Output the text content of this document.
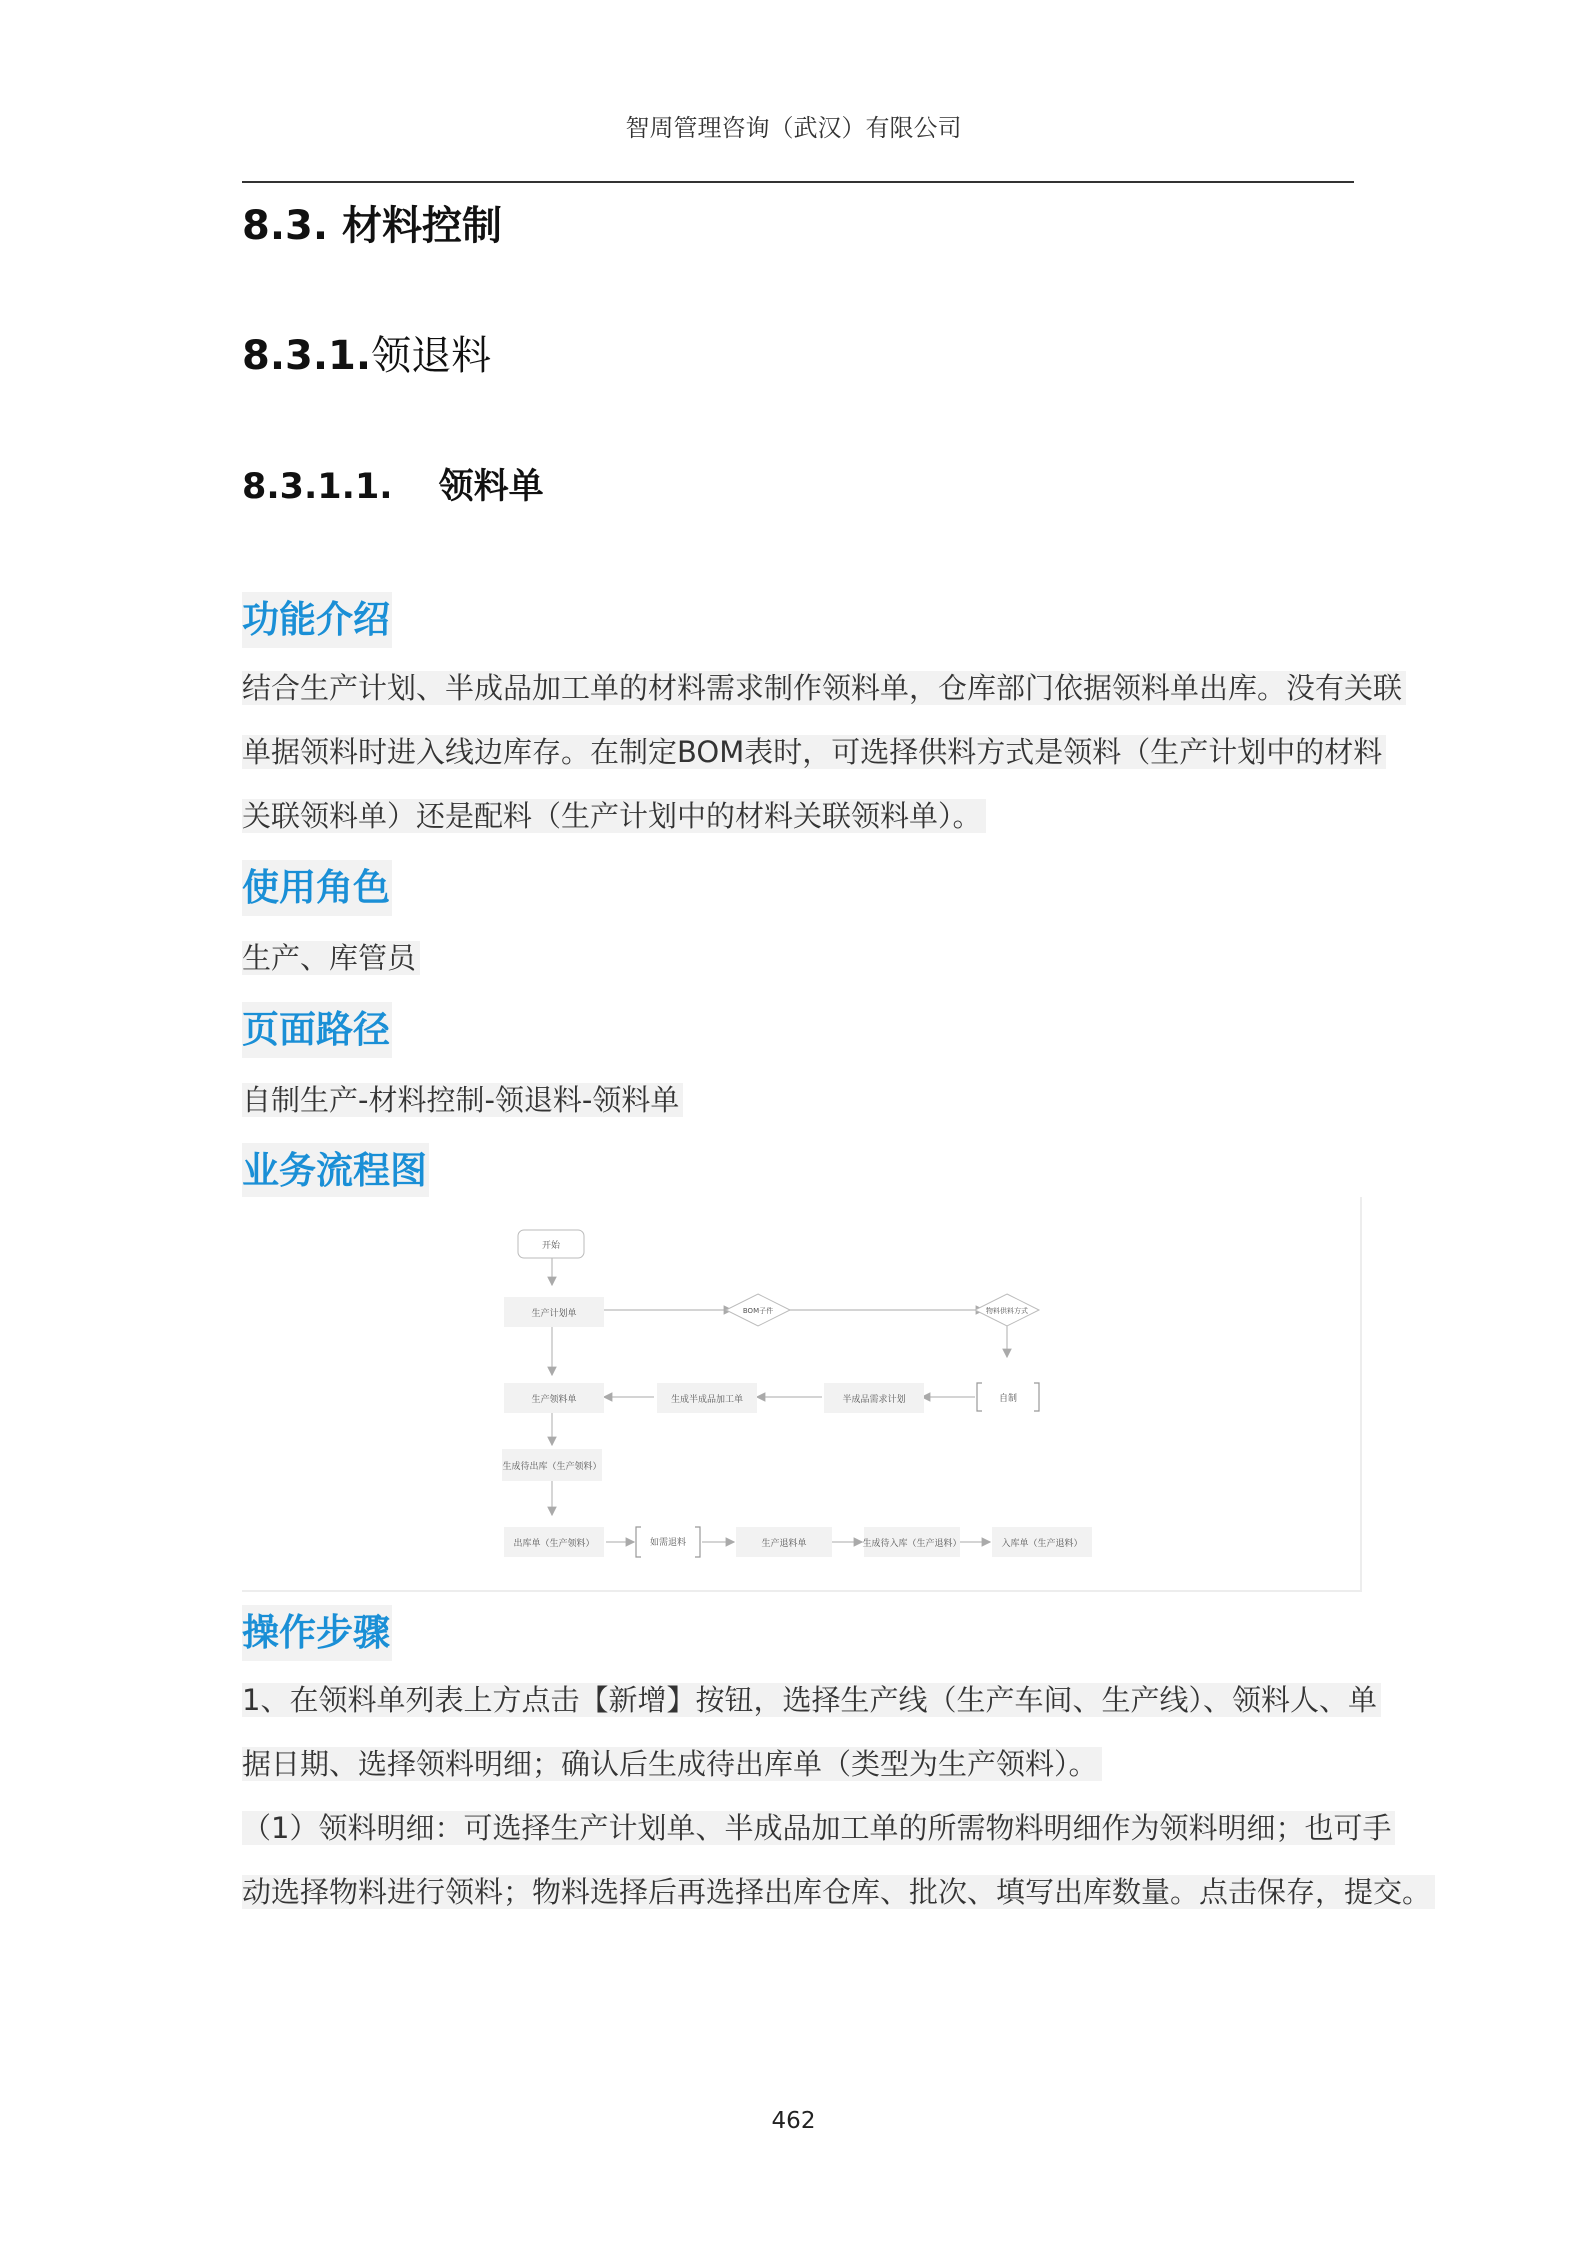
智周管理咨询（武汉）有限公司
8.3. 材料控制
8.3.1.领退料
8.3.1.1. 领料单
功能介绍
结合生产计划、半成品加工单的材料需求制作领料单，仓库部门依据领料单出库。没有关联
单据领料时进入线边库存。在制定BOM表时，可选择供料方式是领料（生产计划中的材料
关联领料单）还是配料（生产计划中的材料关联领料单）。
使用角色
生产、库管员
页面路径
自制生产-材料控制-领退料-领料单
业务流程图
开始
生产计划单	BOM子件	物料供料方式
生产领料单	生成半成品加工单	半成品需求计划	自制
生成待出库（生产领料）
出库单（生产领料）	如需退料	生产退料单	生成待入库（生产退料）	入库单（生产退料）
操作步骤
1、在领料单列表上方点击【新增】按钮，选择生产线（生产车间、生产线）、领料人、单
据日期、选择领料明细；确认后生成待出库单（类型为生产领料）。
（1）领料明细：可选择生产计划单、半成品加工单的所需物料明细作为领料明细；也可手
动选择物料进行领料；物料选择后再选择出库仓库、批次、填写出库数量。点击保存，提交。
462
